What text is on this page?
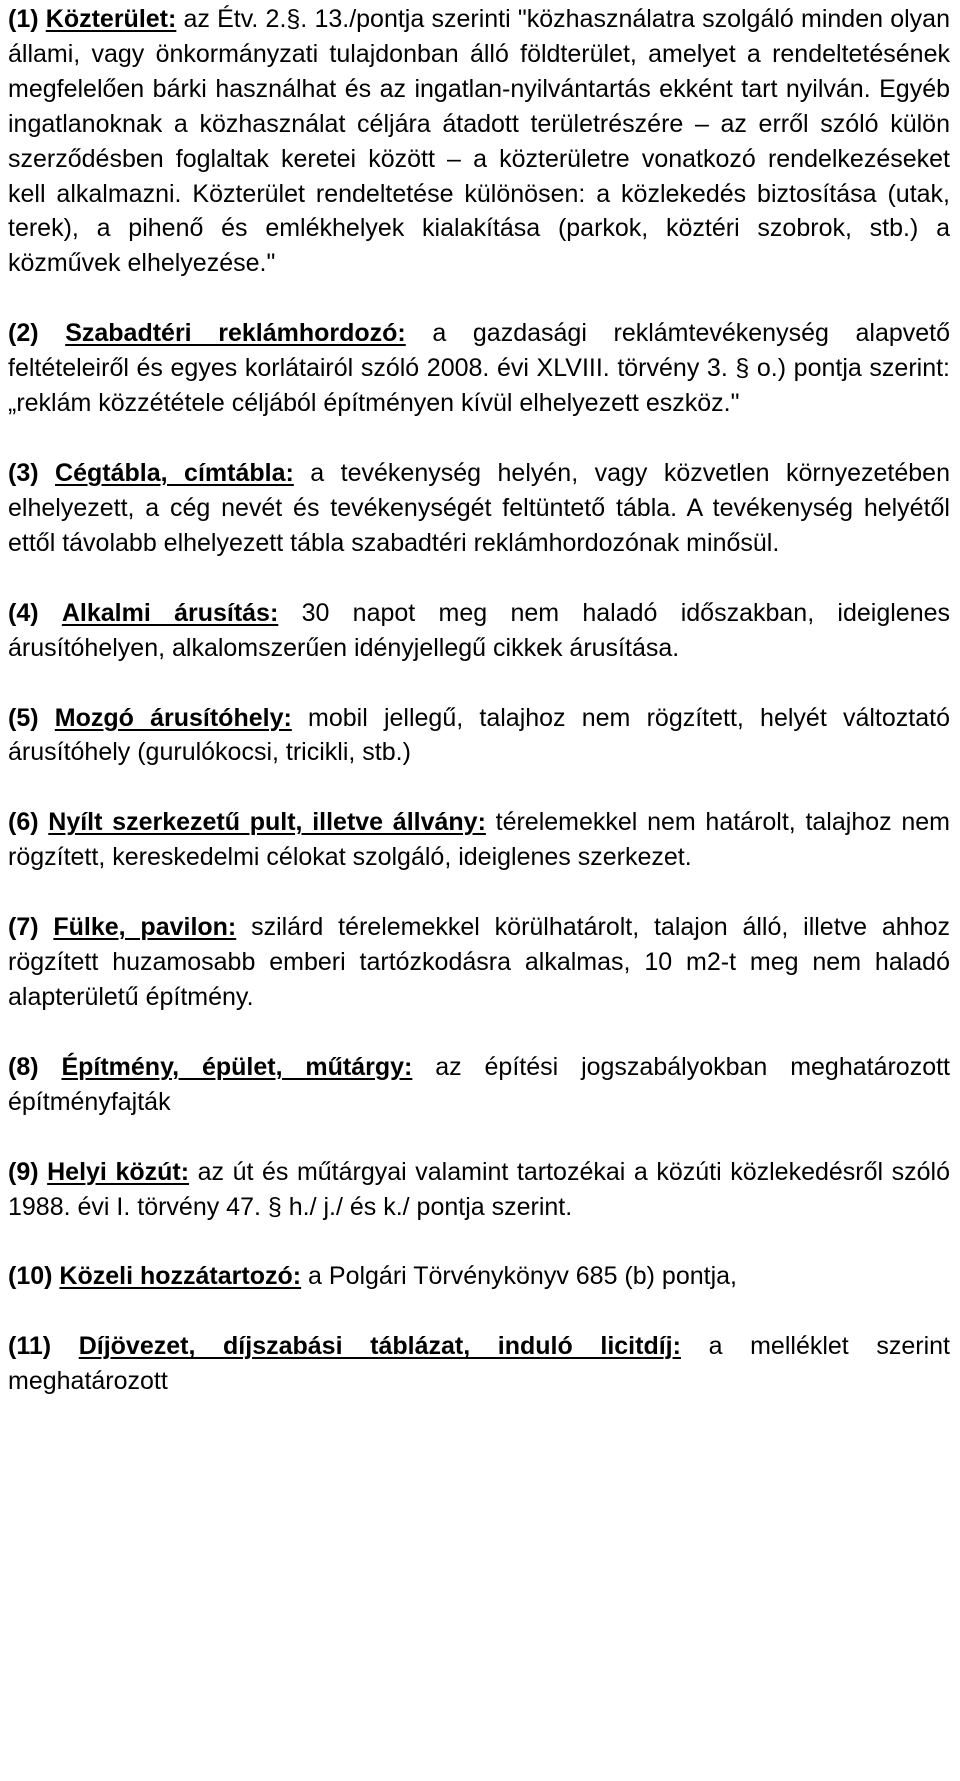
(1) Közterület: az Étv. 2.§. 13./pontja szerinti "közhasználatra szolgáló minden olyan állami, vagy önkormányzati tulajdonban álló földterület, amelyet a rendeltetésének megfelelően bárki használhat és az ingatlan-nyilvántartás ekként tart nyilván. Egyéb ingatlanoknak a közhasználat céljára átadott területrészére – az erről szóló külön szerződésben foglaltak keretei között – a közterületre vonatkozó rendelkezéseket kell alkalmazni. Közterület rendeltetése különösen: a közlekedés biztosítása (utak, terek), a pihenő és emlékhelyek kialakítása (parkok, köztéri szobrok, stb.) a közművek elhelyezése."

(2) Szabadtéri reklámhordozó: a gazdasági reklámtevékenység alapvető feltételeiről és egyes korlátairól szóló 2008. évi XLVIII. törvény 3. § o.) pontja szerint: „reklám közzététele céljából építményen kívül elhelyezett eszköz."

(3) Cégtábla, címtábla: a tevékenység helyén, vagy közvetlen környezetében elhelyezett, a cég nevét és tevékenységét feltüntető tábla. A tevékenység helyétől ettől távolabb elhelyezett tábla szabadtéri reklámhordozónak minősül.

(4) Alkalmi árusítás: 30 napot meg nem haladó időszakban, ideiglenes árusítóhelyen, alkalomszerűen idényjellegű cikkek árusítása.

(5) Mozgó árusítóhely: mobil jellegű, talajhoz nem rögzített, helyét változtató árusítóhely (gurulókocsi, tricikli, stb.)

(6) Nyílt szerkezetű pult, illetve állvány: térelemekkel nem határolt, talajhoz nem rögzített, kereskedelmi célokat szolgáló, ideiglenes szerkezet.

(7) Fülke, pavilon: szilárd térelemekkel körülhatárolt, talajon álló, illetve ahhoz rögzített huzamosabb emberi tartózkodásra alkalmas, 10 m2-t meg nem haladó alapterületű építmény.

(8) Építmény, épület, műtárgy: az építési jogszabályokban meghatározott építményfajták

(9) Helyi közút: az út és műtárgyai valamint tartozékai a közúti közlekedésről szóló 1988. évi I. törvény 47. § h./ j./ és k./ pontja szerint.

(10) Közeli hozzátartozó: a Polgári Törvénykönyv 685 (b) pontja,

(11) Díjövezet, díjszabási táblázat, induló licitdíj: a melléklet szerint meghatározott
